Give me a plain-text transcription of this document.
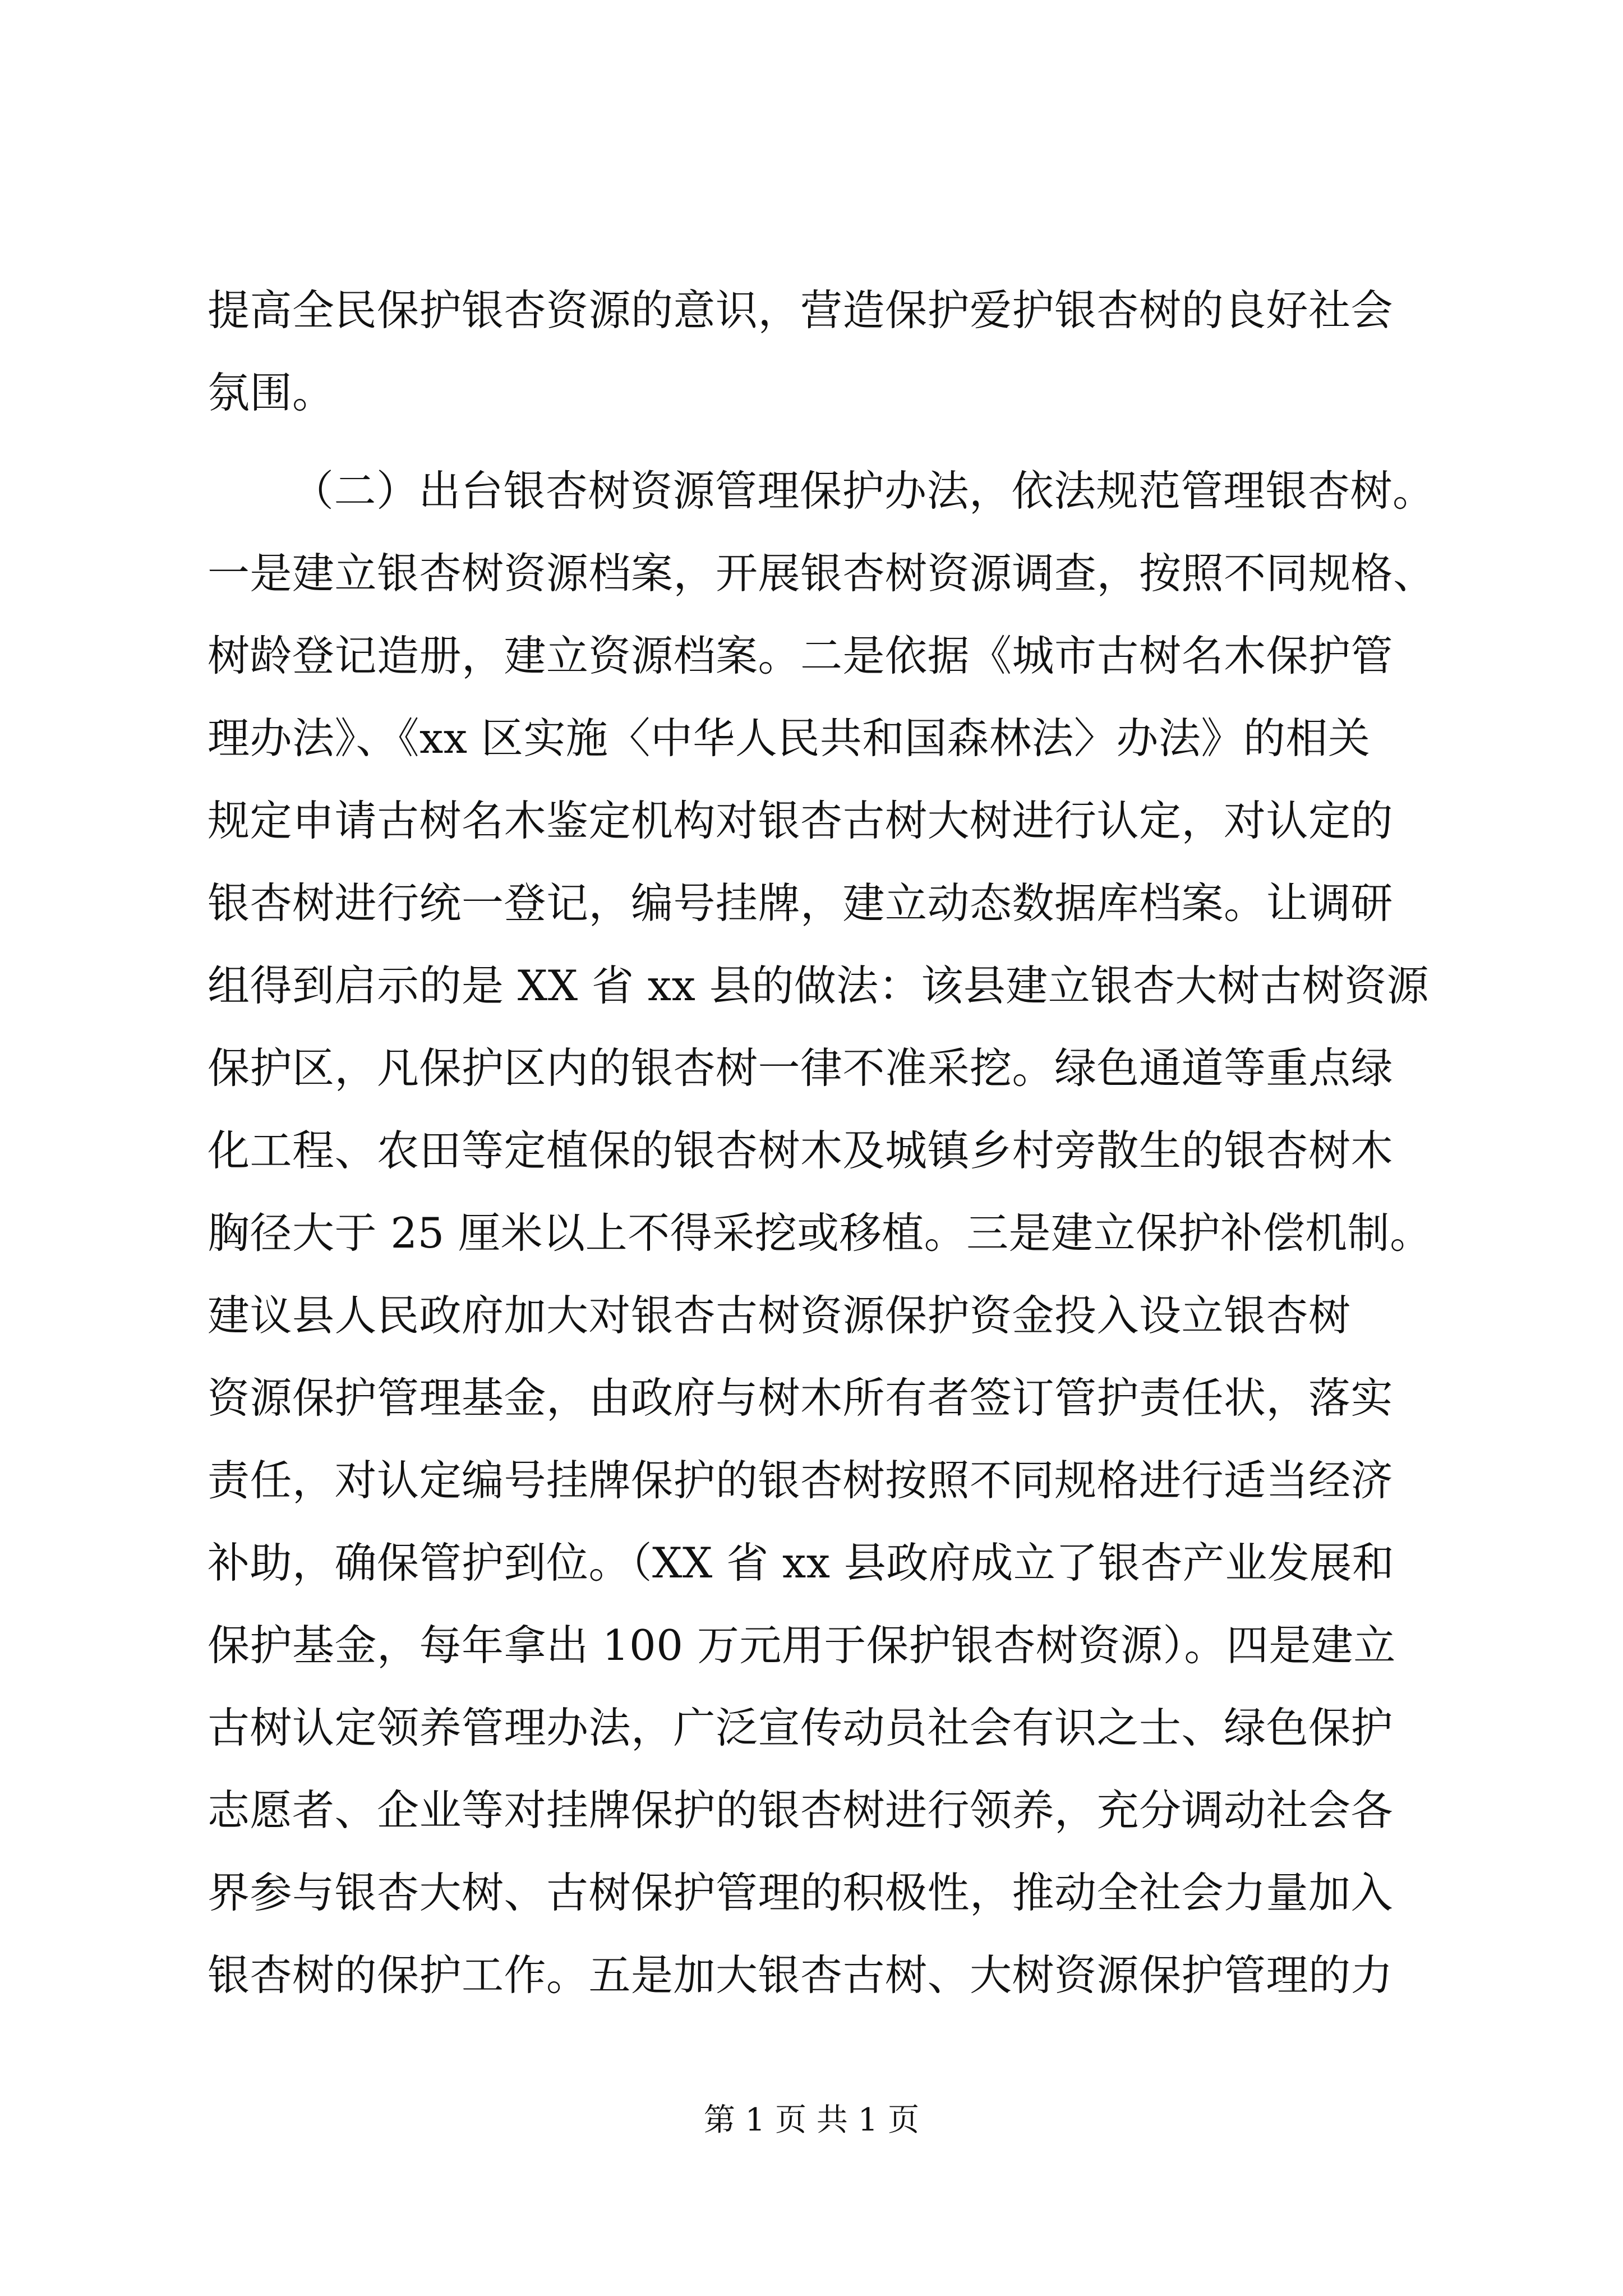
提高全民保护银杏资源的意识，营造保护爱护银杏树的良好社会

氛围。

（二）出台银杏树资源管理保护办法，依法规范管理银杏树。

一是建立银杏树资源档案，开展银杏树资源调查，按照不同规格、

树龄登记造册，建立资源档案。二是依据《城市古树名木保护管

理办法》、《xx 区实施〈中华人民共和国森林法〉办法》的相关

规定申请古树名木鉴定机构对银杏古树大树进行认定，对认定的

银杏树进行统一登记，编号挂牌，建立动态数据库档案。让调研

组得到启示的是 XX 省 xx 县的做法：该县建立银杏大树古树资源

保护区，凡保护区内的银杏树一律不准采挖。绿色通道等重点绿

化工程、农田等定植保的银杏树木及城镇乡村旁散生的银杏树木

胸径大于 25 厘米以上不得采挖或移植。三是建立保护补偿机制。

建议县人民政府加大对银杏古树资源保护资金投入设立银杏树

资源保护管理基金，由政府与树木所有者签订管护责任状，落实

责任，对认定编号挂牌保护的银杏树按照不同规格进行适当经济

补助，确保管护到位。（XX 省 xx 县政府成立了银杏产业发展和

保护基金，每年拿出 100 万元用于保护银杏树资源）。四是建立

古树认定领养管理办法，广泛宣传动员社会有识之士、绿色保护

志愿者、企业等对挂牌保护的银杏树进行领养，充分调动社会各

界参与银杏大树、古树保护管理的积极性，推动全社会力量加入

银杏树的保护工作。五是加大银杏古树、大树资源保护管理的力

第 1 页 共 1 页
